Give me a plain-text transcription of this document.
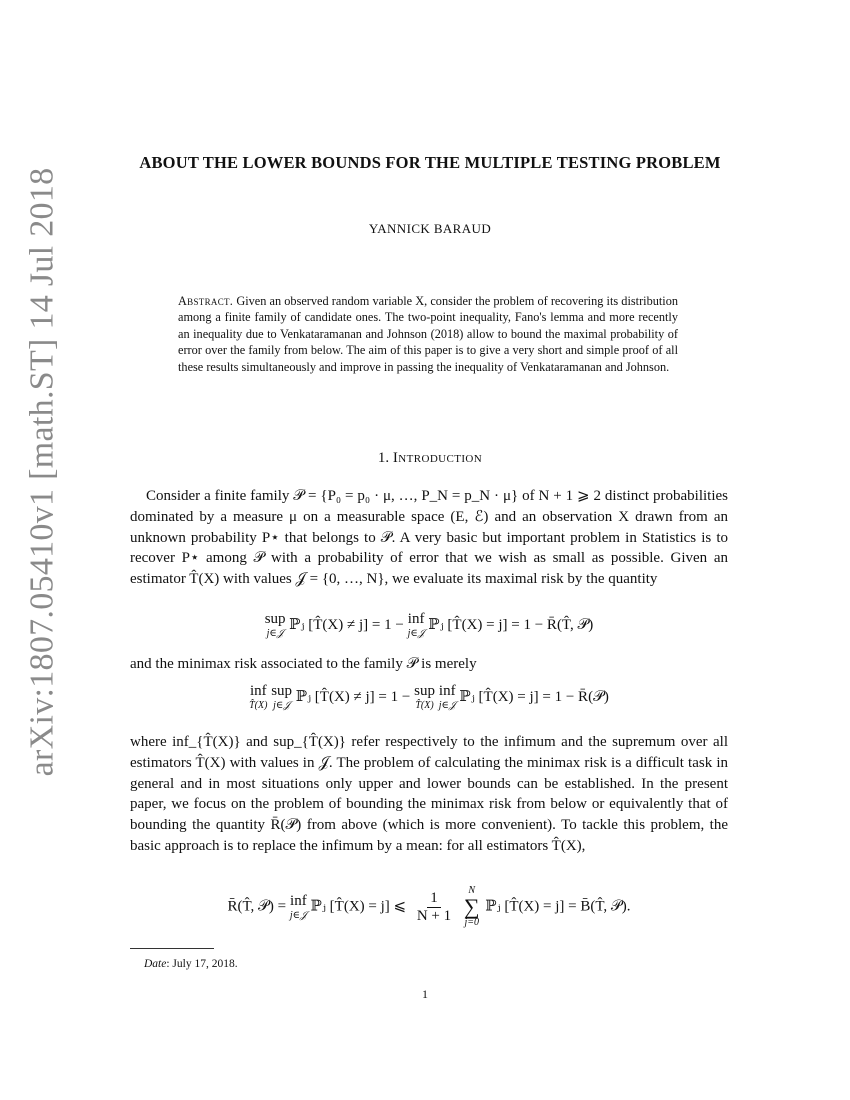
arXiv:1807.05410v1 [math.ST] 14 Jul 2018
ABOUT THE LOWER BOUNDS FOR THE MULTIPLE TESTING PROBLEM
YANNICK BARAUD
Abstract. Given an observed random variable X, consider the problem of recovering its distribution among a finite family of candidate ones. The two-point inequality, Fano's lemma and more recently an inequality due to Venkataramanan and Johnson (2018) allow to bound the maximal probability of error over the family from below. The aim of this paper is to give a very short and simple proof of all these results simultaneously and improve in passing the inequality of Venkataramanan and Johnson.
1. Introduction
Consider a finite family 𝒫 = {P₀ = p₀ · μ, …, P_N = p_N · μ} of N + 1 ⩾ 2 distinct probabilities dominated by a measure μ on a measurable space (E, ℰ) and an observation X drawn from an unknown probability P⋆ that belongs to 𝒫. A very basic but important problem in Statistics is to recover P⋆ among 𝒫 with a probability of error that we wish as small as possible. Given an estimator T̂(X) with values 𝒥 = {0, …, N}, we evaluate its maximal risk by the quantity
sup
j∈𝒥
ℙⱼ [T̂(X) ≠ j] = 1 − inf
j∈𝒥
ℙⱼ [T̂(X) = j] = 1 − R̄(T̂, 𝒫)
and the minimax risk associated to the family 𝒫 is merely
inf
T̂(X)

sup
j∈𝒥
ℙⱼ [T̂(X) ≠ j] = 1 − sup
T̂(X)

inf
j∈𝒥
ℙⱼ [T̂(X) = j] = 1 − R̄(𝒫)
where inf_{T̂(X)} and sup_{T̂(X)} refer respectively to the infimum and the supremum over all estimators T̂(X) with values in 𝒥. The problem of calculating the minimax risk is a difficult task in general and in most situations only upper and lower bounds can be established. In the present paper, we focus on the problem of bounding the minimax risk from below or equivalently that of bounding the quantity R̄(𝒫) from above (which is more convenient). To tackle this problem, the basic approach is to replace the infimum by a mean: for all estimators T̂(X),
R̄(T̂, 𝒫) = inf
j∈𝒥
ℙⱼ [T̂(X) = j] ⩽ $\frac{1}{N + 1}$
N
∑
j=0
ℙⱼ [T̂(X) = j] = B̄(T̂, 𝒫).
Date: July 17, 2018.
1
